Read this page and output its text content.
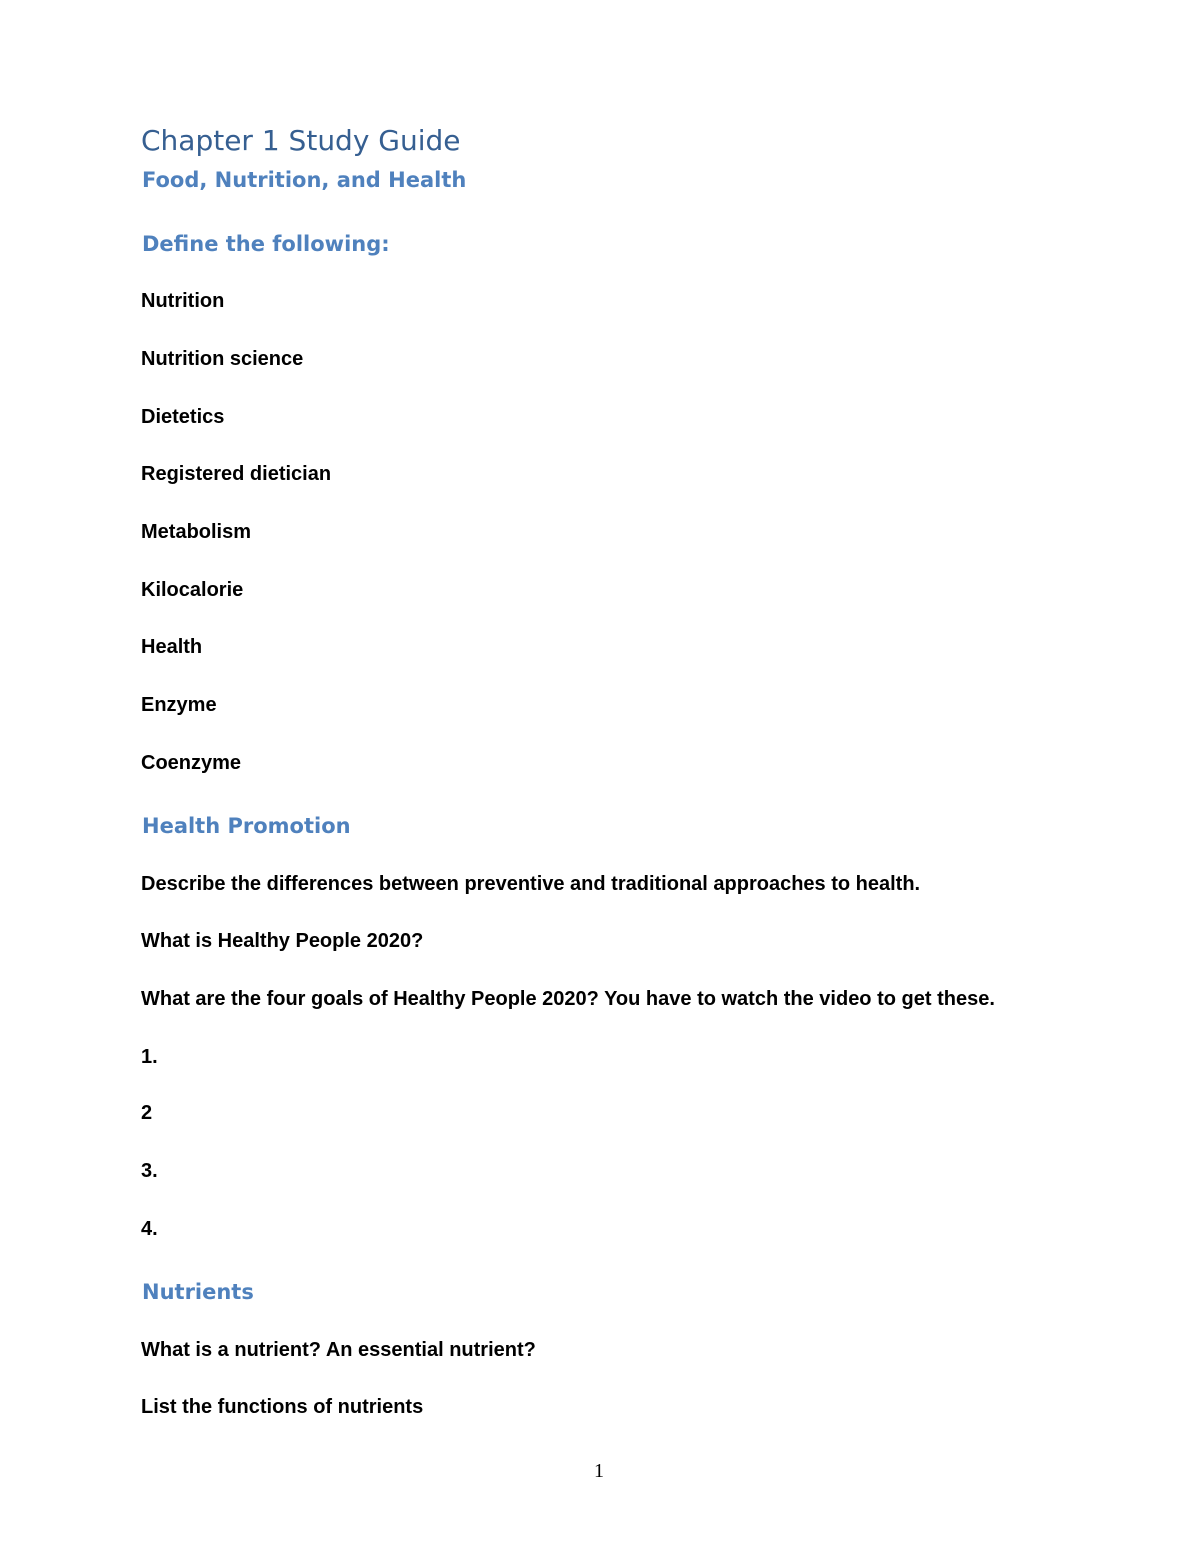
Chapter 1 Study Guide
Food, Nutrition, and Health
Define the following:
Nutrition
Nutrition science
Dietetics
Registered dietician
Metabolism
Kilocalorie
Health
Enzyme
Coenzyme
Health Promotion
Describe the differences between preventive and traditional approaches to health.
What is Healthy People 2020?
What are the four goals of Healthy People 2020? You have to watch the video to get these.
1.
2
3.
4.
Nutrients
What is a nutrient? An essential nutrient?
List the functions of nutrients
1
